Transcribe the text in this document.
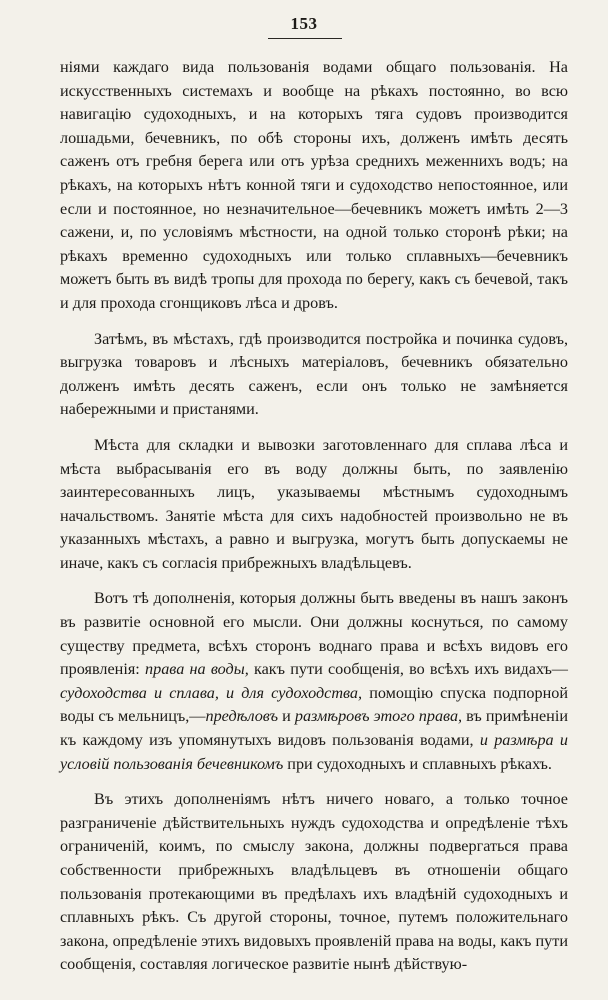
153

ніями каждаго вида пользованія водами общаго пользованія. На искусственныхъ системахъ и вообще на рѣкахъ постоянно, во всю навигацію судоходныхъ, и на которыхъ тяга судовъ производится лошадьми, бечевникъ, по обѣ стороны ихъ, долженъ имѣть десять саженъ отъ гребня берега или отъ урѣза среднихъ меженнихъ водъ; на рѣкахъ, на которыхъ нѣтъ конной тяги и судоходство непостоянное, или если и постоянное, но незначительное—бечевникъ можетъ имѣть 2—3 сажени, и, по условіямъ мѣстности, на одной только сторонѣ рѣки; на рѣкахъ временно судоходныхъ или только сплавныхъ—бечевникъ можетъ быть въ видѣ тропы для прохода по берегу, какъ съ бечевой, такъ и для прохода сгонщиковъ лѣса и дровъ.

Затѣмъ, въ мѣстахъ, гдѣ производится постройка и починка судовъ, выгрузка товаровъ и лѣсныхъ матеріаловъ, бечевникъ обязательно долженъ имѣть десять саженъ, если онъ только не замѣняется набережными и пристанями.

Мѣста для складки и вывозки заготовленнаго для сплава лѣса и мѣста выбрасыванія его въ воду должны быть, по заявленію заинтересованныхъ лицъ, указываемы мѣстнымъ судоходнымъ начальствомъ. Занятіе мѣста для сихъ надобностей произвольно не въ указанныхъ мѣстахъ, а равно и выгрузка, могутъ быть допускаемы не иначе, какъ съ согласія прибрежныхъ владѣльцевъ.

Вотъ тѣ дополненія, которыя должны быть введены въ нашъ законъ въ развитіе основной его мысли. Они должны коснуться, по самому существу предмета, всѣхъ сторонъ воднаго права и всѣхъ видовъ его проявленія: права на воды, какъ пути сообщенія, во всѣхъ ихъ видахъ—судоходства и сплава, и для судоходства, помощію спуска подпорной воды съ мельницъ,—предѣловъ и размѣровъ этого права, въ примѣненіи къ каждому изъ упомянутыхъ видовъ пользованія водами, и размѣра и условій пользованія бечевникомъ при судоходныхъ и сплавныхъ рѣкахъ.

Въ этихъ дополненіямъ нѣтъ ничего новаго, а только точное разграниченіе дѣйствительныхъ нуждъ судоходства и опредѣленіе тѣхъ ограниченій, коимъ, по смыслу закона, должны подвергаться права собственности прибрежныхъ владѣльцевъ въ отношеніи общаго пользованія протекающими въ предѣлахъ ихъ владѣній судоходныхъ и сплавныхъ рѣкъ. Съ другой стороны, точное, путемъ положительнаго закона, опредѣленіе этихъ видовыхъ проявленій права на воды, какъ пути сообщенія, составляя логическое развитіе нынѣ дѣйствую-
